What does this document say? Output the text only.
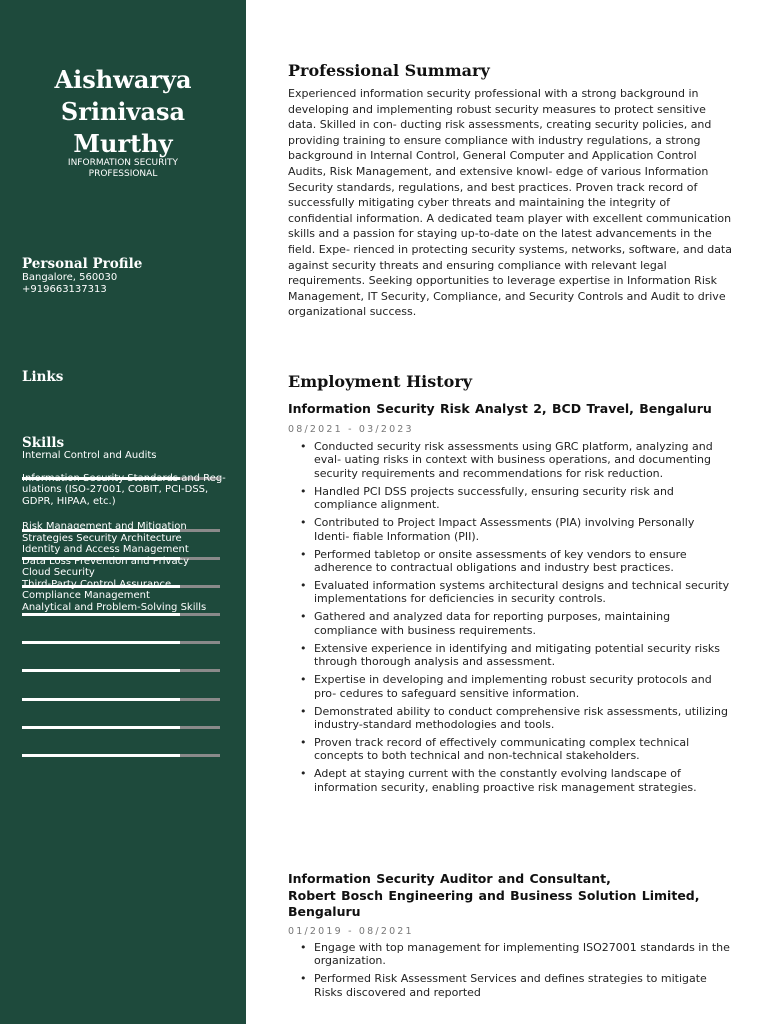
Aishwarya
Srinivasa
Murthy
INFORMATION SECURITY
PROFESSIONAL
Personal Profile
Bangalore, 560030
+919663137313
Links
Skills
Internal Control and Audits
Information Security Standards and Reg- ulations (ISO-27001, COBIT, PCI-DSS, GDPR, HIPAA, etc.)
Risk Management and Mitigation Strategies Security Architecture
Identity and Access Management
Data Loss Prevention and Privacy
Cloud Security
Third-Party Control Assurance
Compliance Management
Analytical and Problem-Solving Skills
Professional Summary

Experienced information security professional with a strong background in developing and implementing robust security measures to protect sensitive data. Skilled in con- ducting risk assessments, creating security policies, and providing training to ensure compliance with industry regulations, a strong background in Internal Control, General Computer and Application Control Audits, Risk Management, and extensive knowl- edge of various Information Security standards, regulations, and best practices. Proven track record of successfully mitigating cyber threats and maintaining the integrity of confidential information. A dedicated team player with excellent communication skills and a passion for staying up-to-date on the latest advancements in the field. Expe- rienced in protecting security systems, networks, software, and data against security threats and ensuring compliance with relevant legal requirements. Seeking opportunities to leverage expertise in Information Risk Management, IT Security, Compliance, and Security Controls and Audit to drive organizational success.

Employment History
Information Security Risk Analyst 2, BCD Travel, Bengaluru
08/2021 - 03/2023
• Conducted security risk assessments using GRC platform, analyzing and eval- uating risks in context with business operations, and documenting security requirements and recommendations for risk reduction.
• Handled PCI DSS projects successfully, ensuring security risk and compliance alignment.
• Contributed to Project Impact Assessments (PIA) involving Personally Identi- fiable Information (PII).
• Performed tabletop or onsite assessments of key vendors to ensure adherence to contractual obligations and industry best practices.
• Evaluated information systems architectural designs and technical security implementations for deficiencies in security controls.
• Gathered and analyzed data for reporting purposes, maintaining compliance with business requirements.
• Extensive experience in identifying and mitigating potential security risks through thorough analysis and assessment.
• Expertise in developing and implementing robust security protocols and pro- cedures to safeguard sensitive information.
• Demonstrated ability to conduct comprehensive risk assessments, utilizing industry-standard methodologies and tools.
• Proven track record of effectively communicating complex technical concepts to both technical and non-technical stakeholders.
• Adept at staying current with the constantly evolving landscape of information security, enabling proactive risk management strategies.
Information Security Auditor and Consultant,
Robert Bosch Engineering and Business Solution Limited,
Bengaluru
01/2019 - 08/2021
• Engage with top management for implementing ISO27001 standards in the organization.
• Performed Risk Assessment Services and defines strategies to mitigate Risks discovered and reported
